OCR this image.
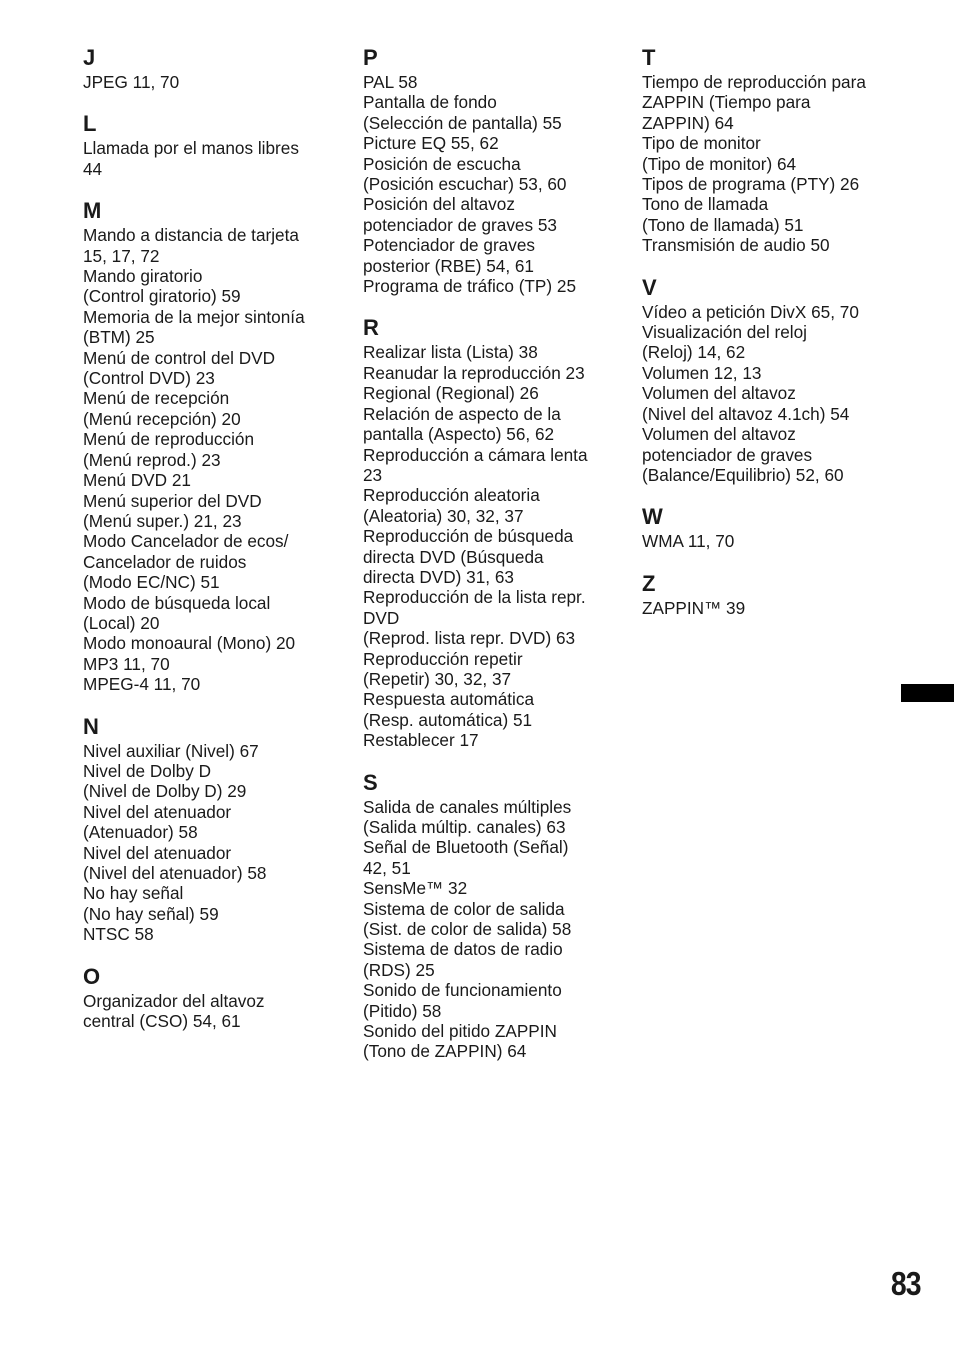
J
JPEG 11, 70
L
Llamada por el manos libres
44
M
Mando a distancia de tarjeta
15, 17, 72
Mando giratorio
(Control giratorio) 59
Memoria de la mejor sintonía
(BTM) 25
Menú de control del DVD
(Control DVD) 23
Menú de recepción
(Menú recepción) 20
Menú de reproducción
(Menú reprod.) 23
Menú DVD 21
Menú superior del DVD
(Menú super.) 21, 23
Modo Cancelador de ecos/
Cancelador de ruidos
(Modo EC/NC) 51
Modo de búsqueda local
(Local) 20
Modo monoaural (Mono) 20
MP3 11, 70
MPEG-4 11, 70
N
Nivel auxiliar (Nivel) 67
Nivel de Dolby D
(Nivel de Dolby D) 29
Nivel del atenuador
(Atenuador) 58
Nivel del atenuador
(Nivel del atenuador) 58
No hay señal
(No hay señal) 59
NTSC 58
O
Organizador del altavoz
central (CSO) 54, 61
P
PAL 58
Pantalla de fondo
(Selección de pantalla) 55
Picture EQ 55, 62
Posición de escucha
(Posición escuchar) 53, 60
Posición del altavoz
potenciador de graves 53
Potenciador de graves
posterior (RBE) 54, 61
Programa de tráfico (TP) 25
R
Realizar lista (Lista) 38
Reanudar la reproducción 23
Regional (Regional) 26
Relación de aspecto de la
pantalla (Aspecto) 56, 62
Reproducción a cámara lenta
23
Reproducción aleatoria
(Aleatoria) 30, 32, 37
Reproducción de búsqueda
directa DVD (Búsqueda
directa DVD) 31, 63
Reproducción de la lista repr.
DVD
(Reprod. lista repr. DVD) 63
Reproducción repetir
(Repetir) 30, 32, 37
Respuesta automática
(Resp. automática) 51
Restablecer 17
S
Salida de canales múltiples
(Salida múltip. canales) 63
Señal de Bluetooth (Señal)
42, 51
SensMe™ 32
Sistema de color de salida
(Sist. de color de salida) 58
Sistema de datos de radio
(RDS) 25
Sonido de funcionamiento
(Pitido) 58
Sonido del pitido ZAPPIN
(Tono de ZAPPIN) 64
T
Tiempo de reproducción para
ZAPPIN (Tiempo para
ZAPPIN) 64
Tipo de monitor
(Tipo de monitor) 64
Tipos de programa (PTY) 26
Tono de llamada
(Tono de llamada) 51
Transmisión de audio 50
V
Vídeo a petición DivX 65, 70
Visualización del reloj
(Reloj) 14, 62
Volumen 12, 13
Volumen del altavoz
(Nivel del altavoz 4.1ch) 54
Volumen del altavoz
potenciador de graves
(Balance/Equilibrio) 52, 60
W
WMA 11, 70
Z
ZAPPIN™ 39
83
